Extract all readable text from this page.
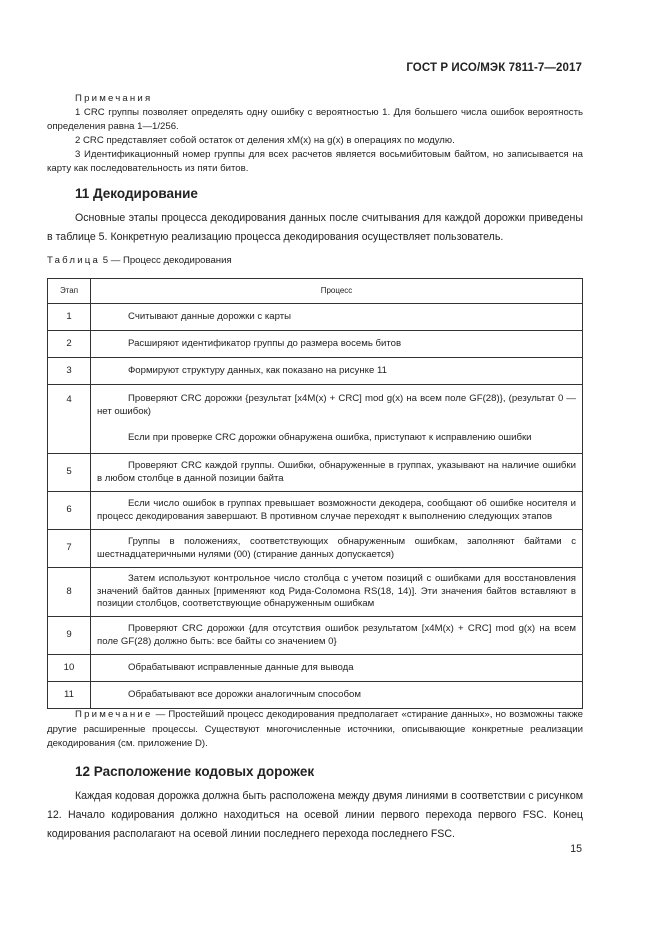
ГОСТ Р ИСО/МЭК 7811-7—2017
Примечания

1 CRC группы позволяет определять одну ошибку с вероятностью 1. Для большего числа ошибок вероятность определения равна 1—1/256.

2 CRC представляет собой остаток от деления xM(x) на g(x) в операциях по модулю.

3 Идентификационный номер группы для всех расчетов является восьмибитовым байтом, но записывается на карту как последовательность из пяти битов.

11 Декодирование

Основные этапы процесса декодирования данных после считывания для каждой дорожки приведены в таблице 5. Конкретную реализацию процесса декодирования осуществляет пользователь.

Таблица 5 — Процесс декодирования
Этап	Процесс
1	Считывают данные дорожки с карты

2	Расширяют идентификатор группы до размера восемь битов

3	Формируют структуру данных, как показано на рисунке 11

4	Проверяют CRC дорожки {результат [x4M(x) + CRC] mod g(x) на всем поле GF(28)}, (результат 0 — нет ошибок)

Если при проверке CRC дорожки обнаружена ошибка, приступают к исправлению ошибки

5	Проверяют CRC каждой группы. Ошибки, обнаруженные в группах, указывают на наличие ошибки в любом столбце в данной позиции байта

6	Если число ошибок в группах превышает возможности декодера, сообщают об ошибке носителя и процесс декодирования завершают. В противном случае переходят к выполнению следующих этапов

7	Группы в положениях, соответствующих обнаруженным ошибкам, заполняют байтами с шестнадцатеричными нулями (00) (стирание данных допускается)

8	Затем используют контрольное число столбца с учетом позиций с ошибками для восстановления значений байтов данных [применяют код Рида-Соломона RS(18, 14)]. Эти значения байтов вставляют в позиции столбцов, соответствующие обнаруженным ошибкам

9	Проверяют CRC дорожки {для отсутствия ошибок результатом [x4M(x) + CRC] mod g(x) на всем поле GF(28) должно быть: все байты со значением 0}

10	Обрабатывают исправленные данные для вывода

11	Обрабатывают все дорожки аналогичным способом

Примечание — Простейший процесс декодирования предполагает «стирание данных», но возможны также другие расширенные процессы. Существуют многочисленные источники, описывающие конкретные реализации декодирования (см. приложение D).

12 Расположение кодовых дорожек

Каждая кодовая дорожка должна быть расположена между двумя линиями в соответствии с рисунком 12. Начало кодирования должно находиться на осевой линии первого перехода первого FSC. Конец кодирования располагают на осевой линии последнего перехода последнего FSC.

15
